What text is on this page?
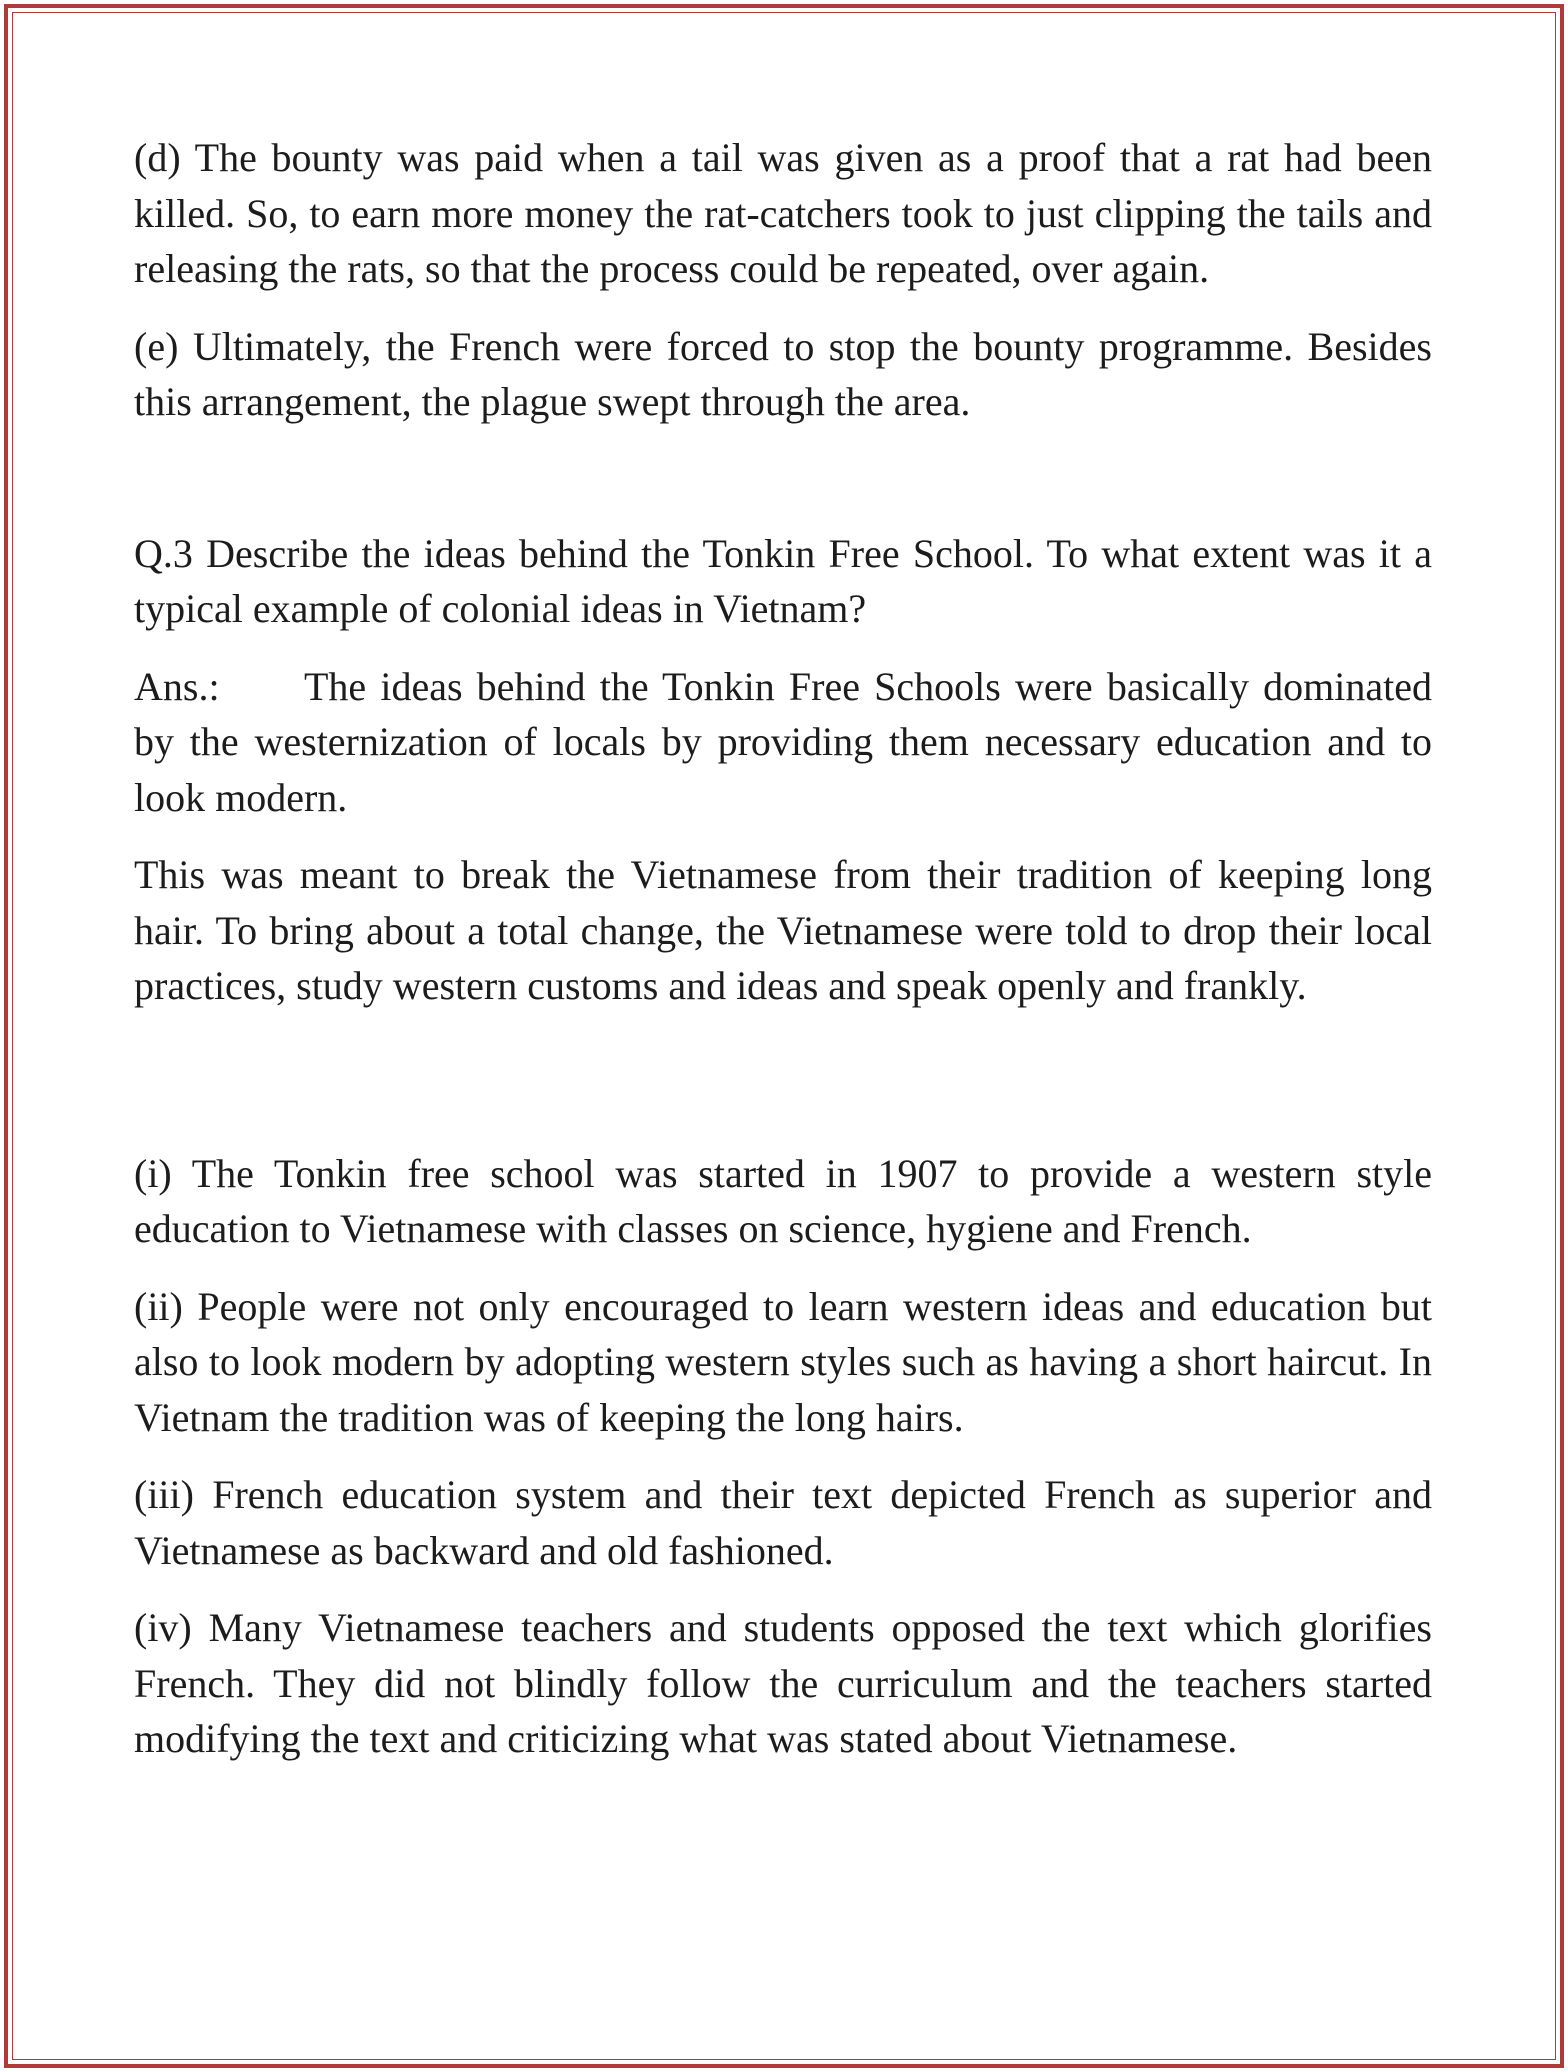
(d) The bounty was paid when a tail was given as a proof that a rat had been killed. So, to earn more money the rat-catchers took to just clipping the tails and releasing the rats, so that the process could be repeated, over again.

(e) Ultimately, the French were forced to stop the bounty programme. Besides this arrangement, the plague swept through the area.

Q.3 Describe the ideas behind the Tonkin Free School. To what extent was it a typical example of colonial ideas in Vietnam?

Ans.: The ideas behind the Tonkin Free Schools were basically dominated by the westernization of locals by providing them necessary education and to look modern.

This was meant to break the Vietnamese from their tradition of keeping long hair. To bring about a total change, the Vietnamese were told to drop their local practices, study western customs and ideas and speak openly and frankly.

(i) The Tonkin free school was started in 1907 to provide a western style education to Vietnamese with classes on science, hygiene and French.

(ii) People were not only encouraged to learn western ideas and education but also to look modern by adopting western styles such as having a short haircut. In Vietnam the tradition was of keeping the long hairs.

(iii) French education system and their text depicted French as superior and Vietnamese as backward and old fashioned.

(iv) Many Vietnamese teachers and students opposed the text which glorifies French. They did not blindly follow the curriculum and the teachers started modifying the text and criticizing what was stated about Vietnamese.
